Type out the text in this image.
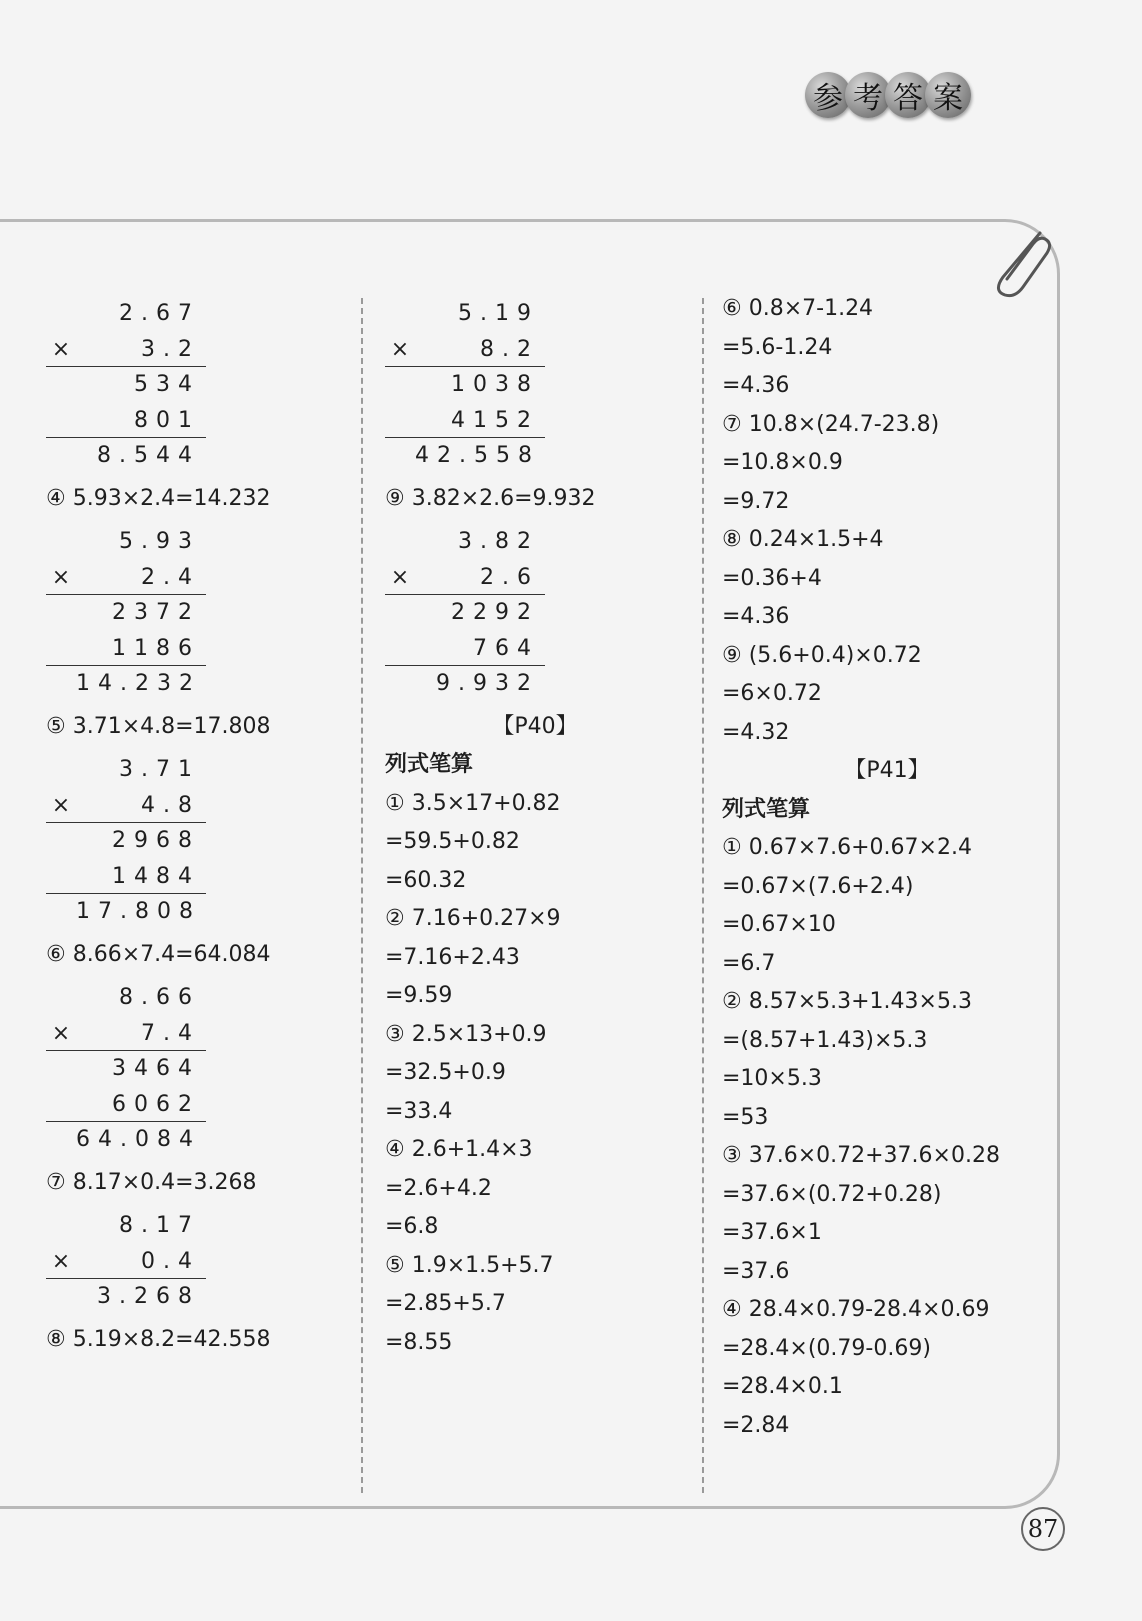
参 考 答 案
2.67
×	3.2
534
801
8.544
④ 5.93×2.4=14.232
5.93
×	2.4
2372
1186
14.232
⑤ 3.71×4.8=17.808
3.71
×	4.8
2968
1484
17.808
⑥ 8.66×7.4=64.084
8.66
×	7.4
3464
6062
64.084
⑦ 8.17×0.4=3.268
8.17
×	0.4
3.268
⑧ 5.19×8.2=42.558
5.19
×	8.2
1038
4152
42.558
⑨ 3.82×2.6=9.932
3.82
×	2.6
2292
764
9.932
【P40】
列式笔算
① 3.5×17+0.82
=59.5+0.82
=60.32
② 7.16+0.27×9
=7.16+2.43
=9.59
③ 2.5×13+0.9
=32.5+0.9
=33.4
④ 2.6+1.4×3
=2.6+4.2
=6.8
⑤ 1.9×1.5+5.7
=2.85+5.7
=8.55
⑥ 0.8×7-1.24
=5.6-1.24
=4.36
⑦ 10.8×(24.7-23.8)
=10.8×0.9
=9.72
⑧ 0.24×1.5+4
=0.36+4
=4.36
⑨ (5.6+0.4)×0.72
=6×0.72
=4.32
【P41】
列式笔算
① 0.67×7.6+0.67×2.4
=0.67×(7.6+2.4)
=0.67×10
=6.7
② 8.57×5.3+1.43×5.3
=(8.57+1.43)×5.3
=10×5.3
=53
③ 37.6×0.72+37.6×0.28
=37.6×(0.72+0.28)
=37.6×1
=37.6
④ 28.4×0.79-28.4×0.69
=28.4×(0.79-0.69)
=28.4×0.1
=2.84
87
